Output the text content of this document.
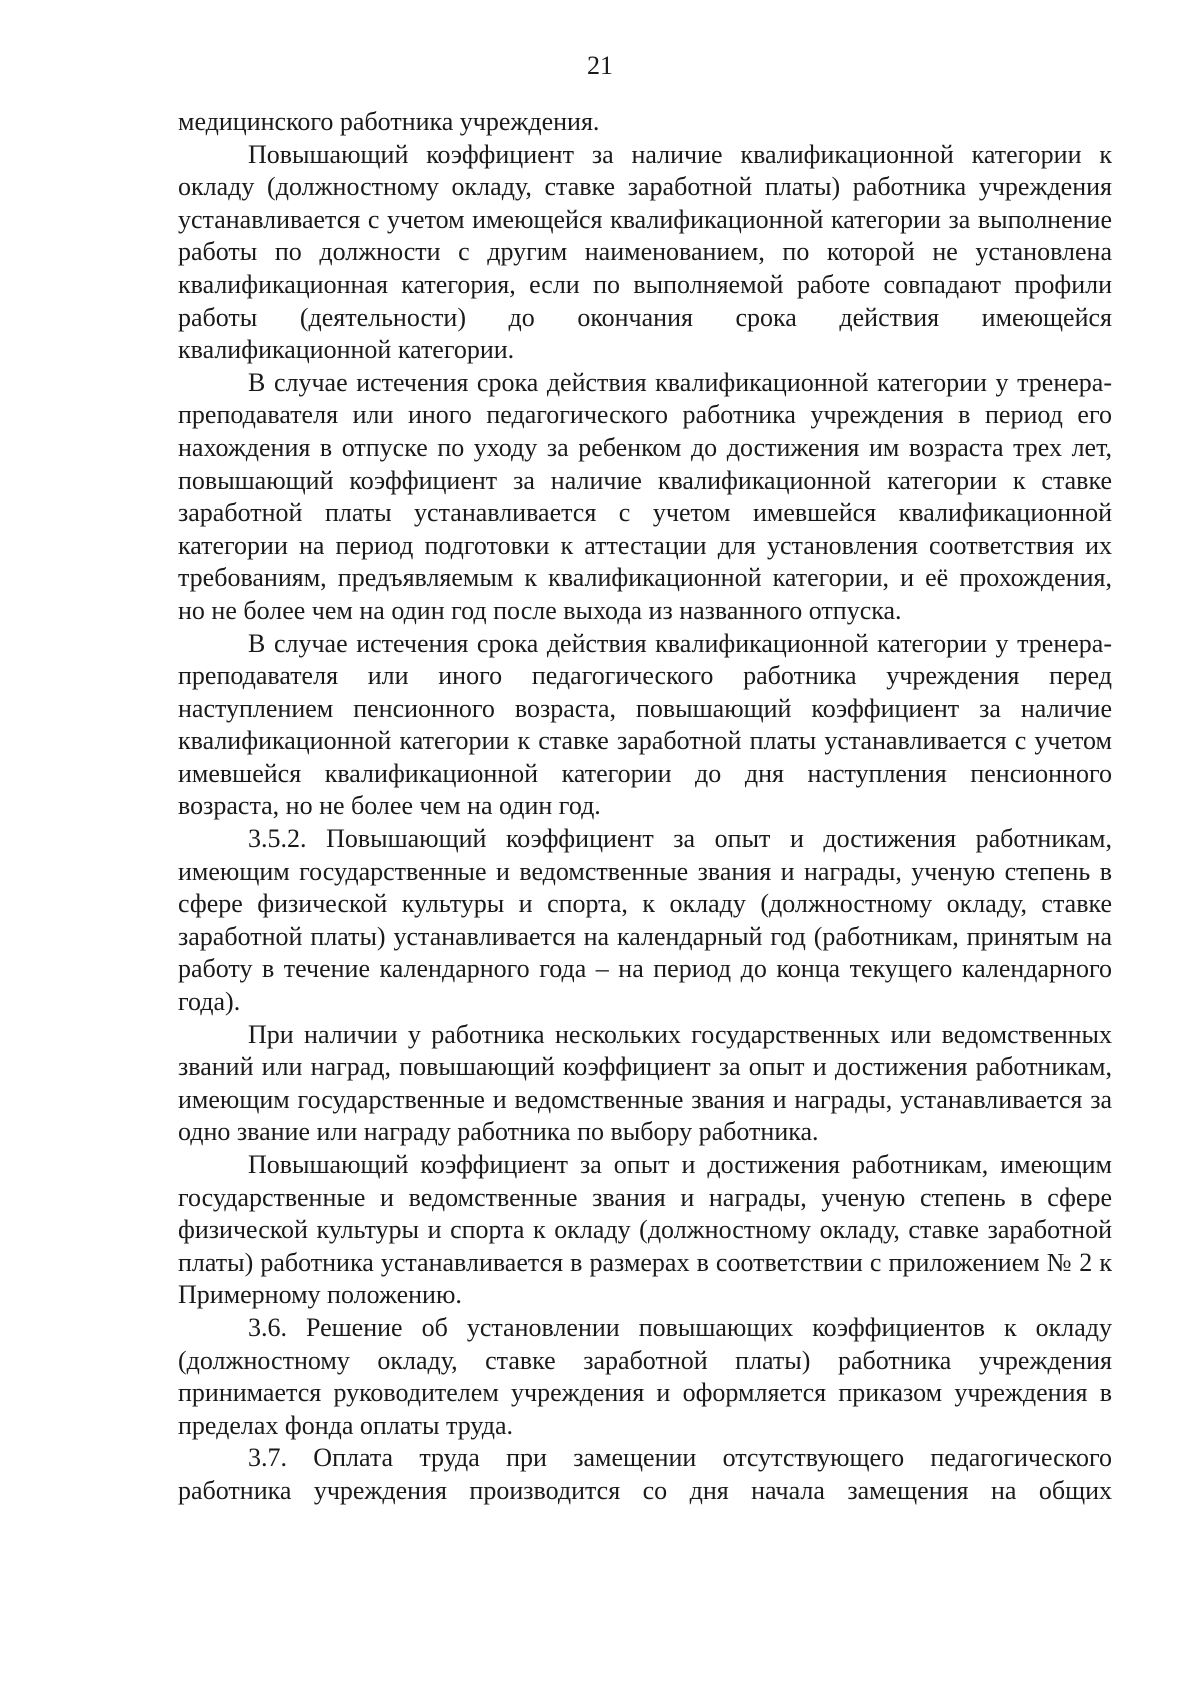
21

медицинского работника учреждения.

Повышающий коэффициент за наличие квалификационной категории к окладу (должностному окладу, ставке заработной платы) работника учреждения устанавливается с учетом имеющейся квалификационной категории за выполнение работы по должности с другим наименованием, по которой не установлена квалификационная категория, если по выполняемой работе совпадают профили работы (деятельности) до окончания срока действия имеющейся квалификационной категории.

В случае истечения срока действия квалификационной категории у тренера-преподавателя или иного педагогического работника учреждения в период его нахождения в отпуске по уходу за ребенком до достижения им возраста трех лет, повышающий коэффициент за наличие квалификационной категории к ставке заработной платы устанавливается с учетом имевшейся квалификационной категории на период подготовки к аттестации для установления соответствия их требованиям, предъявляемым к квалификационной категории, и её прохождения, но не более чем на один год после выхода из названного отпуска.

В случае истечения срока действия квалификационной категории у тренера-преподавателя или иного педагогического работника учреждения перед наступлением пенсионного возраста, повышающий коэффициент за наличие квалификационной категории к ставке заработной платы устанавливается с учетом имевшейся квалификационной категории до дня наступления пенсионного возраста, но не более чем на один год.

3.5.2. Повышающий коэффициент за опыт и достижения работникам, имеющим государственные и ведомственные звания и награды, ученую степень в сфере физической культуры и спорта, к окладу (должностному окладу, ставке заработной платы) устанавливается на календарный год (работникам, принятым на работу в течение календарного года – на период до конца текущего календарного года).

При наличии у работника нескольких государственных или ведомственных званий или наград, повышающий коэффициент за опыт и достижения работникам, имеющим государственные и ведомственные звания и награды, устанавливается за одно звание или награду работника по выбору работника.

Повышающий коэффициент за опыт и достижения работникам, имеющим государственные и ведомственные звания и награды, ученую степень в сфере физической культуры и спорта к окладу (должностному окладу, ставке заработной платы) работника устанавливается в размерах в соответствии с приложением № 2 к Примерному положению.

3.6. Решение об установлении повышающих коэффициентов к окладу (должностному окладу, ставке заработной платы) работника учреждения принимается руководителем учреждения и оформляется приказом учреждения в пределах фонда оплаты труда.

3.7. Оплата труда при замещении отсутствующего педагогического работника учреждения производится со дня начала замещения на общих
